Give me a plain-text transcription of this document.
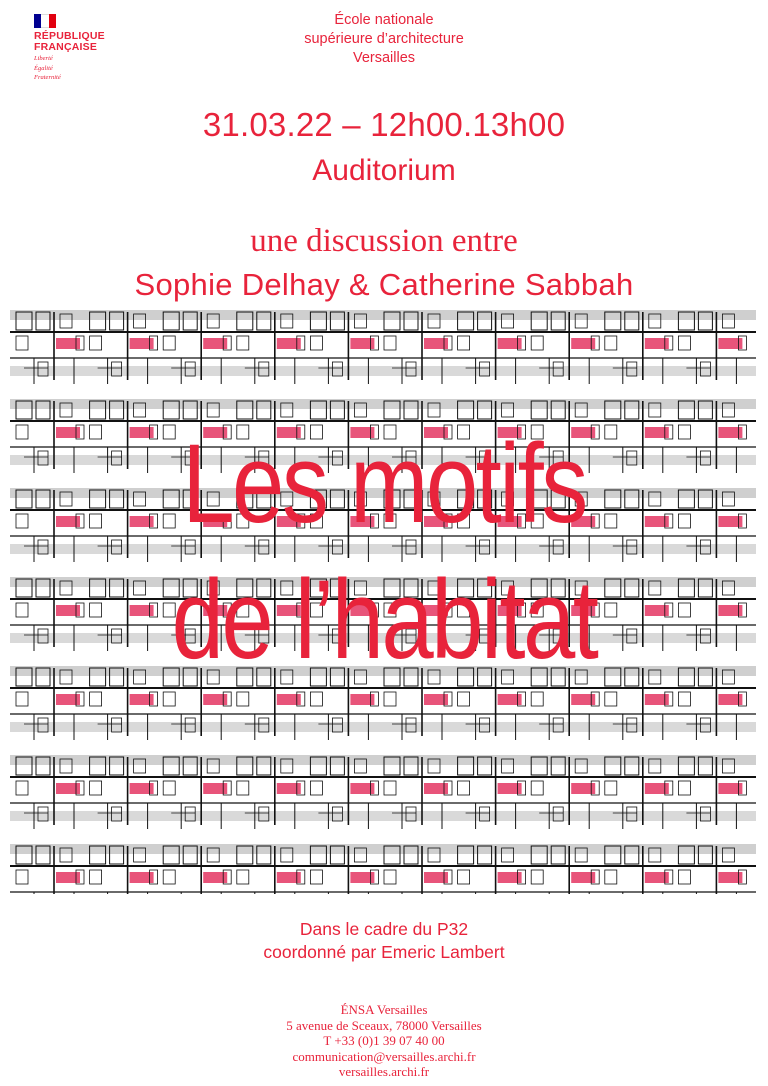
RÉPUBLIQUE
FRANÇAISE
Liberté
Égalité
Fraternité
École nationale
supérieure d’architecture
Versailles
31.03.22 – 12h00.13h00
Auditorium
une discussion entre
Sophie Delhay & Catherine Sabbah
Les motifs
de l’habitat
Dans le cadre du P32
coordonné par Emeric Lambert
ÉNSA Versailles
5 avenue de Sceaux, 78000 Versailles
T +33 (0)1 39 07 40 00
communication@versailles.archi.fr
versailles.archi.fr
